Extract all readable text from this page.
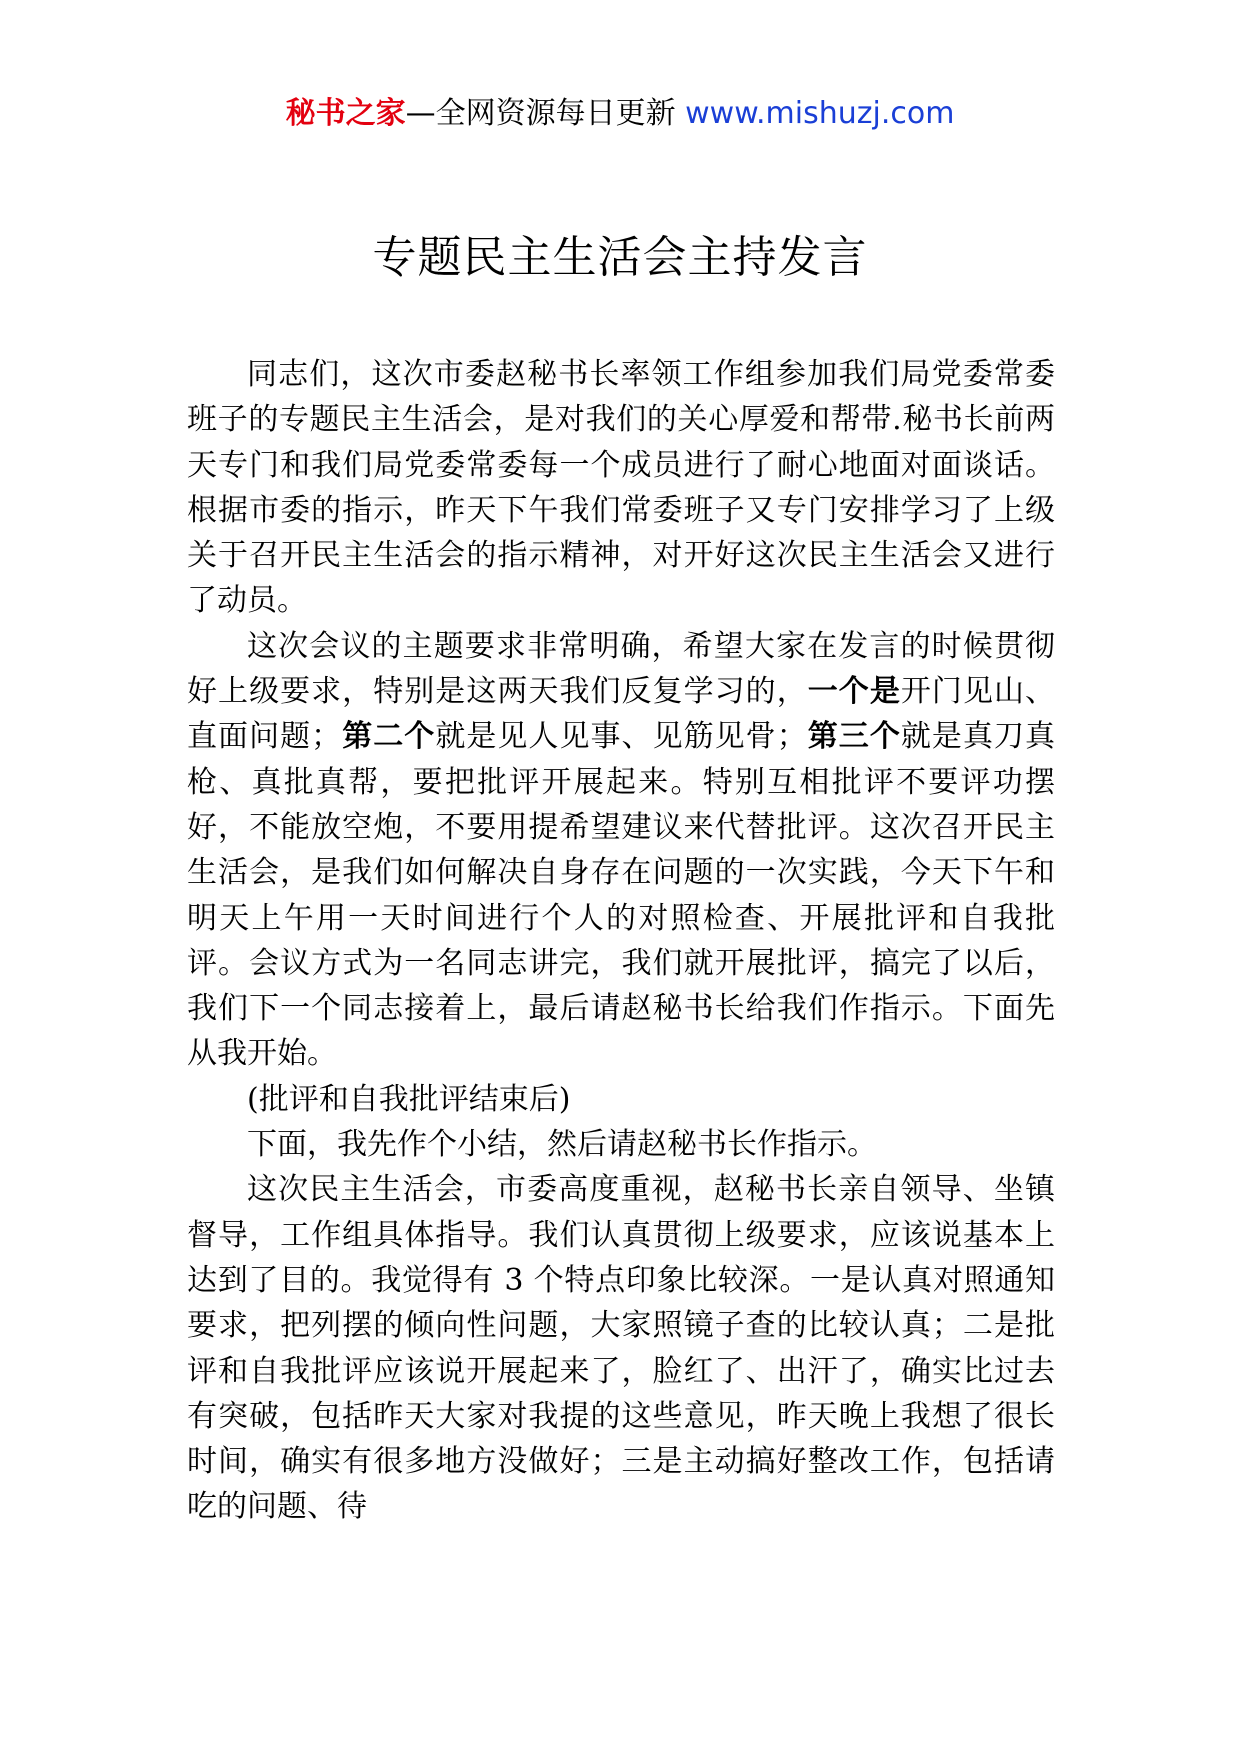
秘书之家—全网资源每日更新 www.mishuzj.com
专题民主生活会主持发言

同志们，这次市委赵秘书长率领工作组参加我们局党委常委班子的专题民主生活会，是对我们的关心厚爱和帮带.秘书长前两天专门和我们局党委常委每一个成员进行了耐心地面对面谈话。根据市委的指示，昨天下午我们常委班子又专门安排学习了上级关于召开民主生活会的指示精神，对开好这次民主生活会又进行了动员。

这次会议的主题要求非常明确，希望大家在发言的时候贯彻好上级要求，特别是这两天我们反复学习的，一个是开门见山、直面问题；第二个就是见人见事、见筋见骨；第三个就是真刀真枪、真批真帮，要把批评开展起来。特别互相批评不要评功摆好，不能放空炮，不要用提希望建议来代替批评。这次召开民主生活会，是我们如何解决自身存在问题的一次实践，今天下午和明天上午用一天时间进行个人的对照检查、开展批评和自我批评。会议方式为一名同志讲完，我们就开展批评，搞完了以后，我们下一个同志接着上，最后请赵秘书长给我们作指示。下面先从我开始。

(批评和自我批评结束后)

下面，我先作个小结，然后请赵秘书长作指示。

这次民主生活会，市委高度重视，赵秘书长亲自领导、坐镇督导，工作组具体指导。我们认真贯彻上级要求，应该说基本上达到了目的。我觉得有 3 个特点印象比较深。一是认真对照通知要求，把列摆的倾向性问题，大家照镜子查的比较认真；二是批评和自我批评应该说开展起来了，脸红了、出汗了，确实比过去有突破，包括昨天大家对我提的这些意见，昨天晚上我想了很长时间，确实有很多地方没做好；三是主动搞好整改工作，包括请吃的问题、待
